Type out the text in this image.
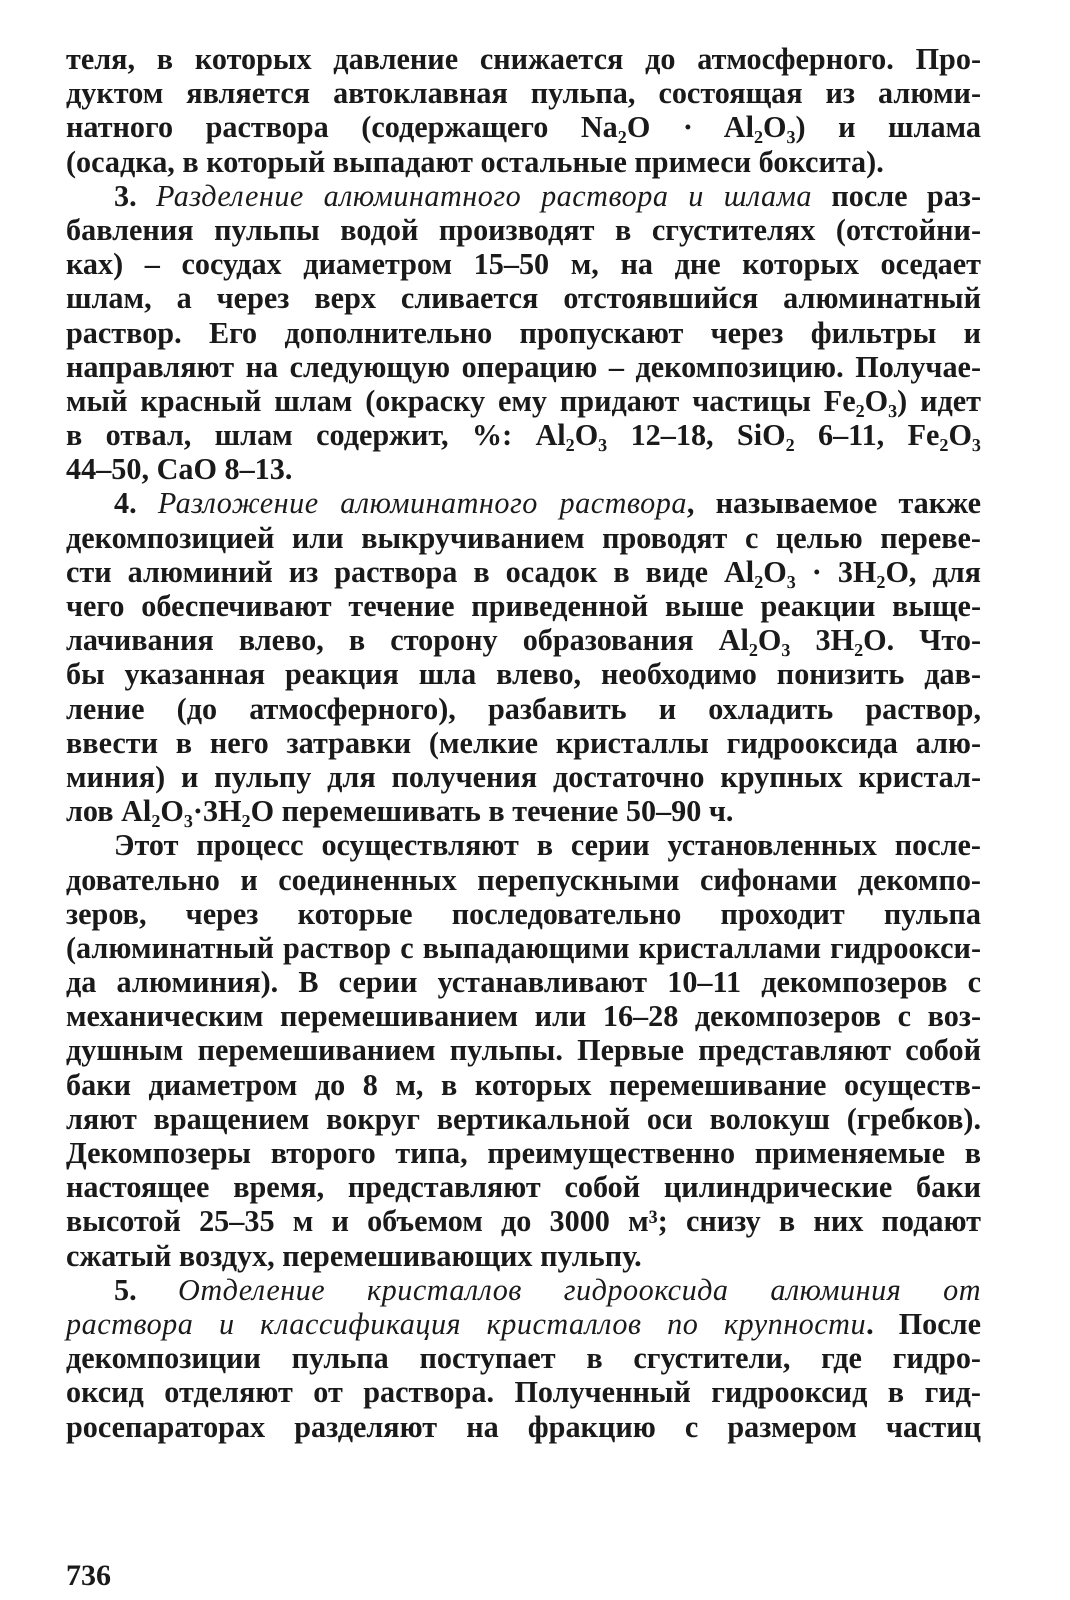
теля, в которых давление снижается до атмосферного. Про-
дуктом является автоклавная пульпа, состоящая из алюми-
натного раствора (содержащего Na₂O · Al₂O₃) и шлама
(осадка, в который выпадают остальные примеси боксита).
3. Разделение алюминатного раствора и шлама после раз-
бавления пульпы водой производят в сгустителях (отстойни-
ках) – сосудах диаметром 15–50 м, на дне которых оседает
шлам, а через верх сливается отстоявшийся алюминатный
раствор. Его дополнительно пропускают через фильтры и
направляют на следующую операцию – декомпозицию. Получае-
мый красный шлам (окраску ему придают частицы Fe₂O₃) идет
в отвал, шлам содержит, %: Al₂O₃ 12–18, SiO₂ 6–11, Fe₂O₃
44–50, CaO 8–13.
4. Разложение алюминатного раствора, называемое также
декомпозицией или выкручиванием проводят с целью переве-
сти алюминий из раствора в осадок в виде Al₂O₃ · 3H₂O, для
чего обеспечивают течение приведенной выше реакции выще-
лачивания влево, в сторону образования Al₂O₃ 3H₂O. Что-
бы указанная реакция шла влево, необходимо понизить дав-
ление (до атмосферного), разбавить и охладить раствор,
ввести в него затравки (мелкие кристаллы гидрооксида алю-
миния) и пульпу для получения достаточно крупных кристал-
лов Al₂O₃·3H₂O перемешивать в течение 50–90 ч.
Этот процесс осуществляют в серии установленных после-
довательно и соединенных перепускными сифонами декомпо-
зеров, через которые последовательно проходит пульпа
(алюминатный раствор с выпадающими кристаллами гидроокси-
да алюминия). В серии устанавливают 10–11 декомпозеров с
механическим перемешиванием или 16–28 декомпозеров с воз-
душным перемешиванием пульпы. Первые представляют собой
баки диаметром до 8 м, в которых перемешивание осуществ-
ляют вращением вокруг вертикальной оси волокуш (гребков).
Декомпозеры второго типа, преимущественно применяемые в
настоящее время, представляют собой цилиндрические баки
высотой 25–35 м и объемом до 3000 м³; снизу в них подают
сжатый воздух, перемешивающих пульпу.
5. Отделение кристаллов гидрооксида алюминия от
раствора и классификация кристаллов по крупности. После
декомпозиции пульпа поступает в сгустители, где гидро-
оксид отделяют от раствора. Полученный гидрооксид в гид-
росепараторах разделяют на фракцию с размером частиц
736
